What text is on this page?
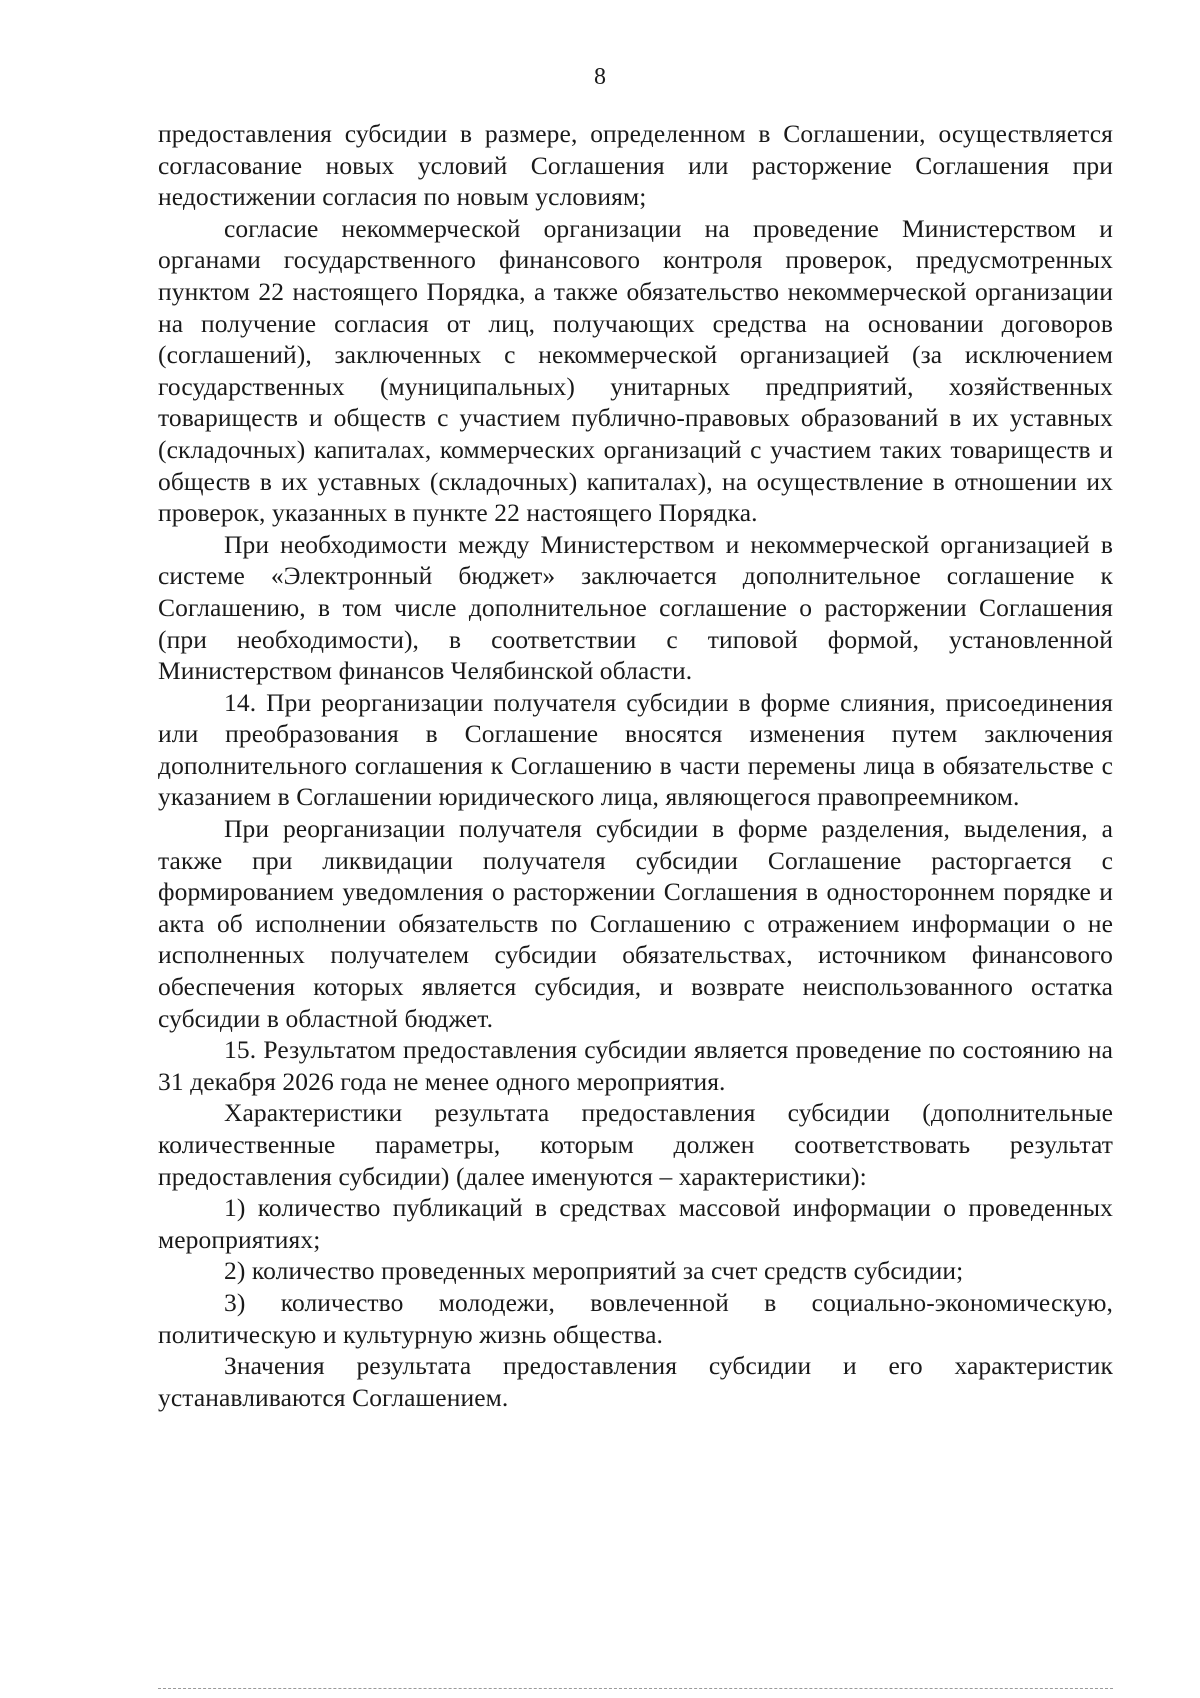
8

предоставления субсидии в размере, определенном в Соглашении, осуществляется согласование новых условий Соглашения или расторжение Соглашения при недостижении согласия по новым условиям;

согласие некоммерческой организации на проведение Министерством и органами государственного финансового контроля проверок, предусмотренных пунктом 22 настоящего Порядка, а также обязательство некоммерческой организации на получение согласия от лиц, получающих средства на основании договоров (соглашений), заключенных с некоммерческой организацией (за исключением государственных (муниципальных) унитарных предприятий, хозяйственных товариществ и обществ с участием публично-правовых образований в их уставных (складочных) капиталах, коммерческих организаций с участием таких товариществ и обществ в их уставных (складочных) капиталах), на осуществление в отношении их проверок, указанных в пункте 22 настоящего Порядка.

При необходимости между Министерством и некоммерческой организацией в системе «Электронный бюджет» заключается дополнительное соглашение к Соглашению, в том числе дополнительное соглашение о расторжении Соглашения (при необходимости), в соответствии с типовой формой, установленной Министерством финансов Челябинской области.

14. При реорганизации получателя субсидии в форме слияния, присоединения или преобразования в Соглашение вносятся изменения путем заключения дополнительного соглашения к Соглашению в части перемены лица в обязательстве с указанием в Соглашении юридического лица, являющегося правопреемником.

При реорганизации получателя субсидии в форме разделения, выделения, а также при ликвидации получателя субсидии Соглашение расторгается с формированием уведомления о расторжении Соглашения в одностороннем порядке и акта об исполнении обязательств по Соглашению с отражением информации о не исполненных получателем субсидии обязательствах, источником финансового обеспечения которых является субсидия, и возврате неиспользованного остатка субсидии в областной бюджет.

15. Результатом предоставления субсидии является проведение по состоянию на 31 декабря 2026 года не менее одного мероприятия.

Характеристики результата предоставления субсидии (дополнительные количественные параметры, которым должен соответствовать результат предоставления субсидии) (далее именуются – характеристики):

1) количество публикаций в средствах массовой информации о проведенных мероприятиях;

2) количество проведенных мероприятий за счет средств субсидии;

3) количество молодежи, вовлеченной в социально-экономическую, политическую и культурную жизнь общества.

Значения результата предоставления субсидии и его характеристик устанавливаются Соглашением.
